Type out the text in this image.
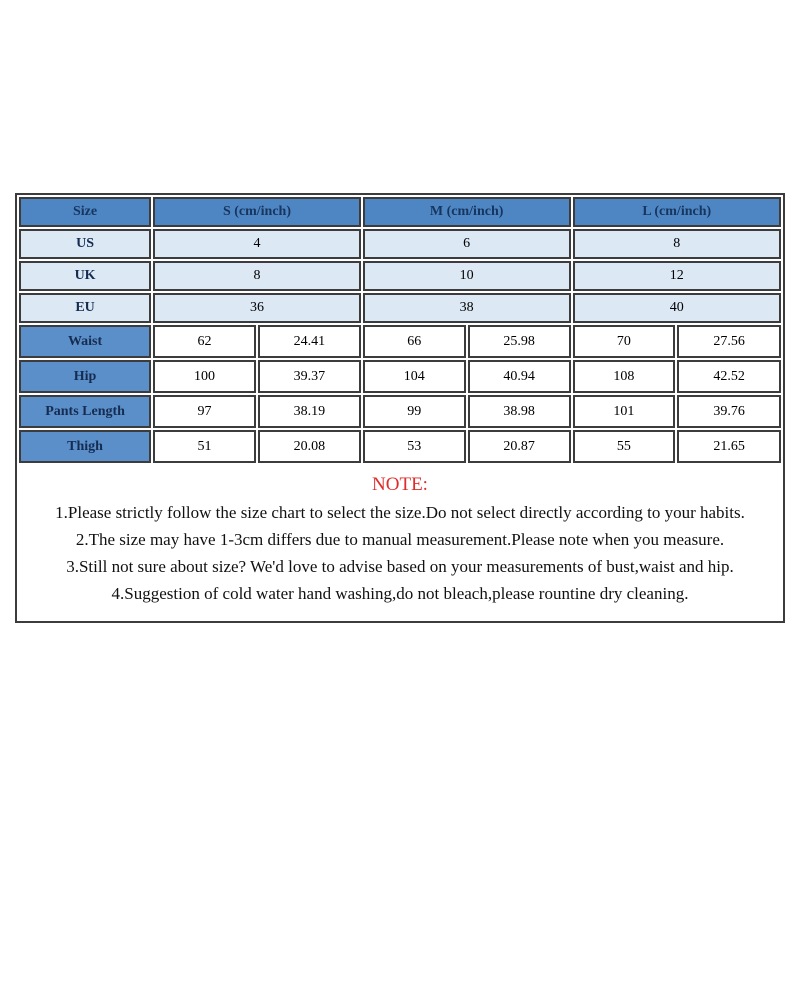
Size	S (cm/inch)		M (cm/inch)		L (cm/inch)	
US	4		6		8	
UK	8		10		12	
EU	36		38		40	
Waist	62	24.41	66	25.98	70	27.56
Hip	100	39.37	104	40.94	108	42.52
Pants Length	97	38.19	99	38.98	101	39.76
Thigh	51	20.08	53	20.87	55	21.65
NOTE:
1.Please strictly follow the size chart to select the size.Do not select directly according to your habits.
2.The size may have 1-3cm differs due to manual measurement.Please note when you measure.
3.Still not sure about size? We'd love to advise based on your measurements of bust,waist and hip.
4.Suggestion of cold water hand washing,do not bleach,please rountine dry cleaning.
